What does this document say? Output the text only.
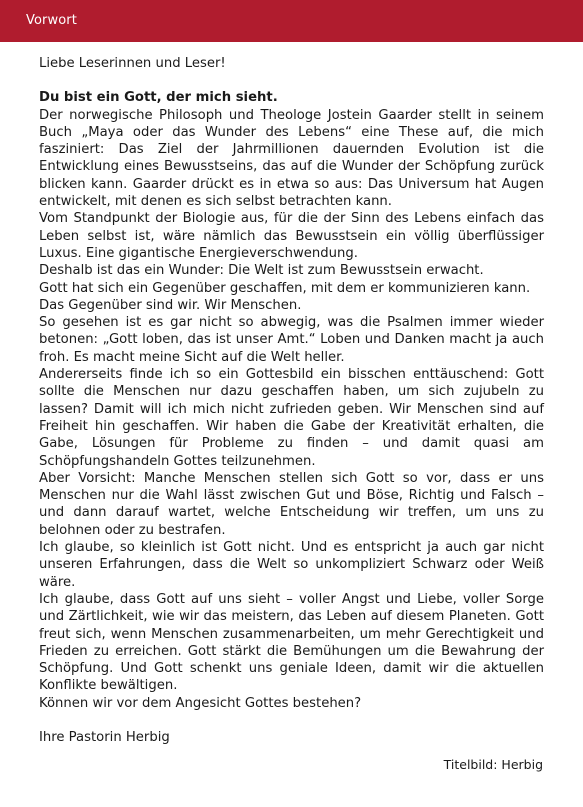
Vorwort

Liebe Leserinnen und Leser!

Du bist ein Gott, der mich sieht.

Der norwegische Philosoph und Theologe Jostein Gaarder stellt in seinem Buch „Maya oder das Wunder des Lebens“ eine These auf, die mich fasziniert: Das Ziel der Jahrmillionen dauernden Evolution ist die Entwicklung eines Bewusstseins, das auf die Wunder der Schöpfung zurück blicken kann. Gaarder drückt es in etwa so aus: Das Universum hat Augen entwickelt, mit denen es sich selbst betrachten kann.

Vom Standpunkt der Biologie aus, für die der Sinn des Lebens einfach das Leben selbst ist, wäre nämlich das Bewusstsein ein völlig überflüssiger Luxus. Eine gigantische Energieverschwendung.

Deshalb ist das ein Wunder: Die Welt ist zum Bewusstsein erwacht.

Gott hat sich ein Gegenüber geschaffen, mit dem er kommunizieren kann.

Das Gegenüber sind wir. Wir Menschen.

So gesehen ist es gar nicht so abwegig, was die Psalmen immer wieder betonen: „Gott loben, das ist unser Amt.“ Loben und Danken macht ja auch froh. Es macht meine Sicht auf die Welt heller.

Andererseits finde ich so ein Gottesbild ein bisschen enttäuschend: Gott sollte die Menschen nur dazu geschaffen haben, um sich zujubeln zu lassen? Damit will ich mich nicht zufrieden geben. Wir Menschen sind auf Freiheit hin geschaffen. Wir haben die Gabe der Kreativität erhalten, die Gabe, Lösungen für Probleme zu finden – und damit quasi am Schöpfungshandeln Gottes teilzunehmen.

Aber Vorsicht: Manche Menschen stellen sich Gott so vor, dass er uns Menschen nur die Wahl lässt zwischen Gut und Böse, Richtig und Falsch – und dann darauf wartet, welche Entscheidung wir treffen, um uns zu belohnen oder zu bestrafen.

Ich glaube, so kleinlich ist Gott nicht. Und es entspricht ja auch gar nicht unseren Erfahrungen, dass die Welt so unkompliziert Schwarz oder Weiß wäre.

Ich glaube, dass Gott auf uns sieht – voller Angst und Liebe, voller Sorge und Zärtlichkeit, wie wir das meistern, das Leben auf diesem Planeten. Gott freut sich, wenn Menschen zusammenarbeiten, um mehr Gerechtigkeit und Frieden zu erreichen. Gott stärkt die Bemühungen um die Bewahrung der Schöpfung. Und Gott schenkt uns geniale Ideen, damit wir die aktuellen Konflikte bewältigen.

Können wir vor dem Angesicht Gottes bestehen?

Ihre Pastorin Herbig

Titelbild: Herbig
